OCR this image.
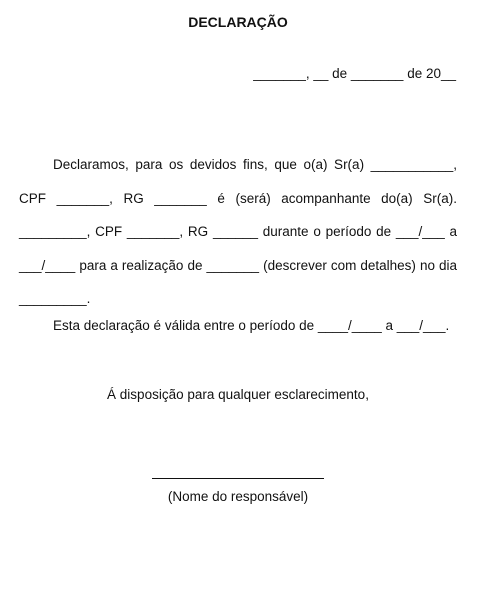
DECLARAÇÃO
_______, __ de _______ de 20__

Declaramos, para os devidos fins, que o(a) Sr(a) ___________, CPF _______, RG _______ é (será) acompanhante do(a) Sr(a). _________, CPF _______, RG ______ durante o período de ___/___ a ___/____ para a realização de _______ (descrever com detalhes) no dia _________.

Esta declaração é válida entre o período de ____/____ a ___/___.
Á disposição para qualquer esclarecimento,
(Nome do responsável)
